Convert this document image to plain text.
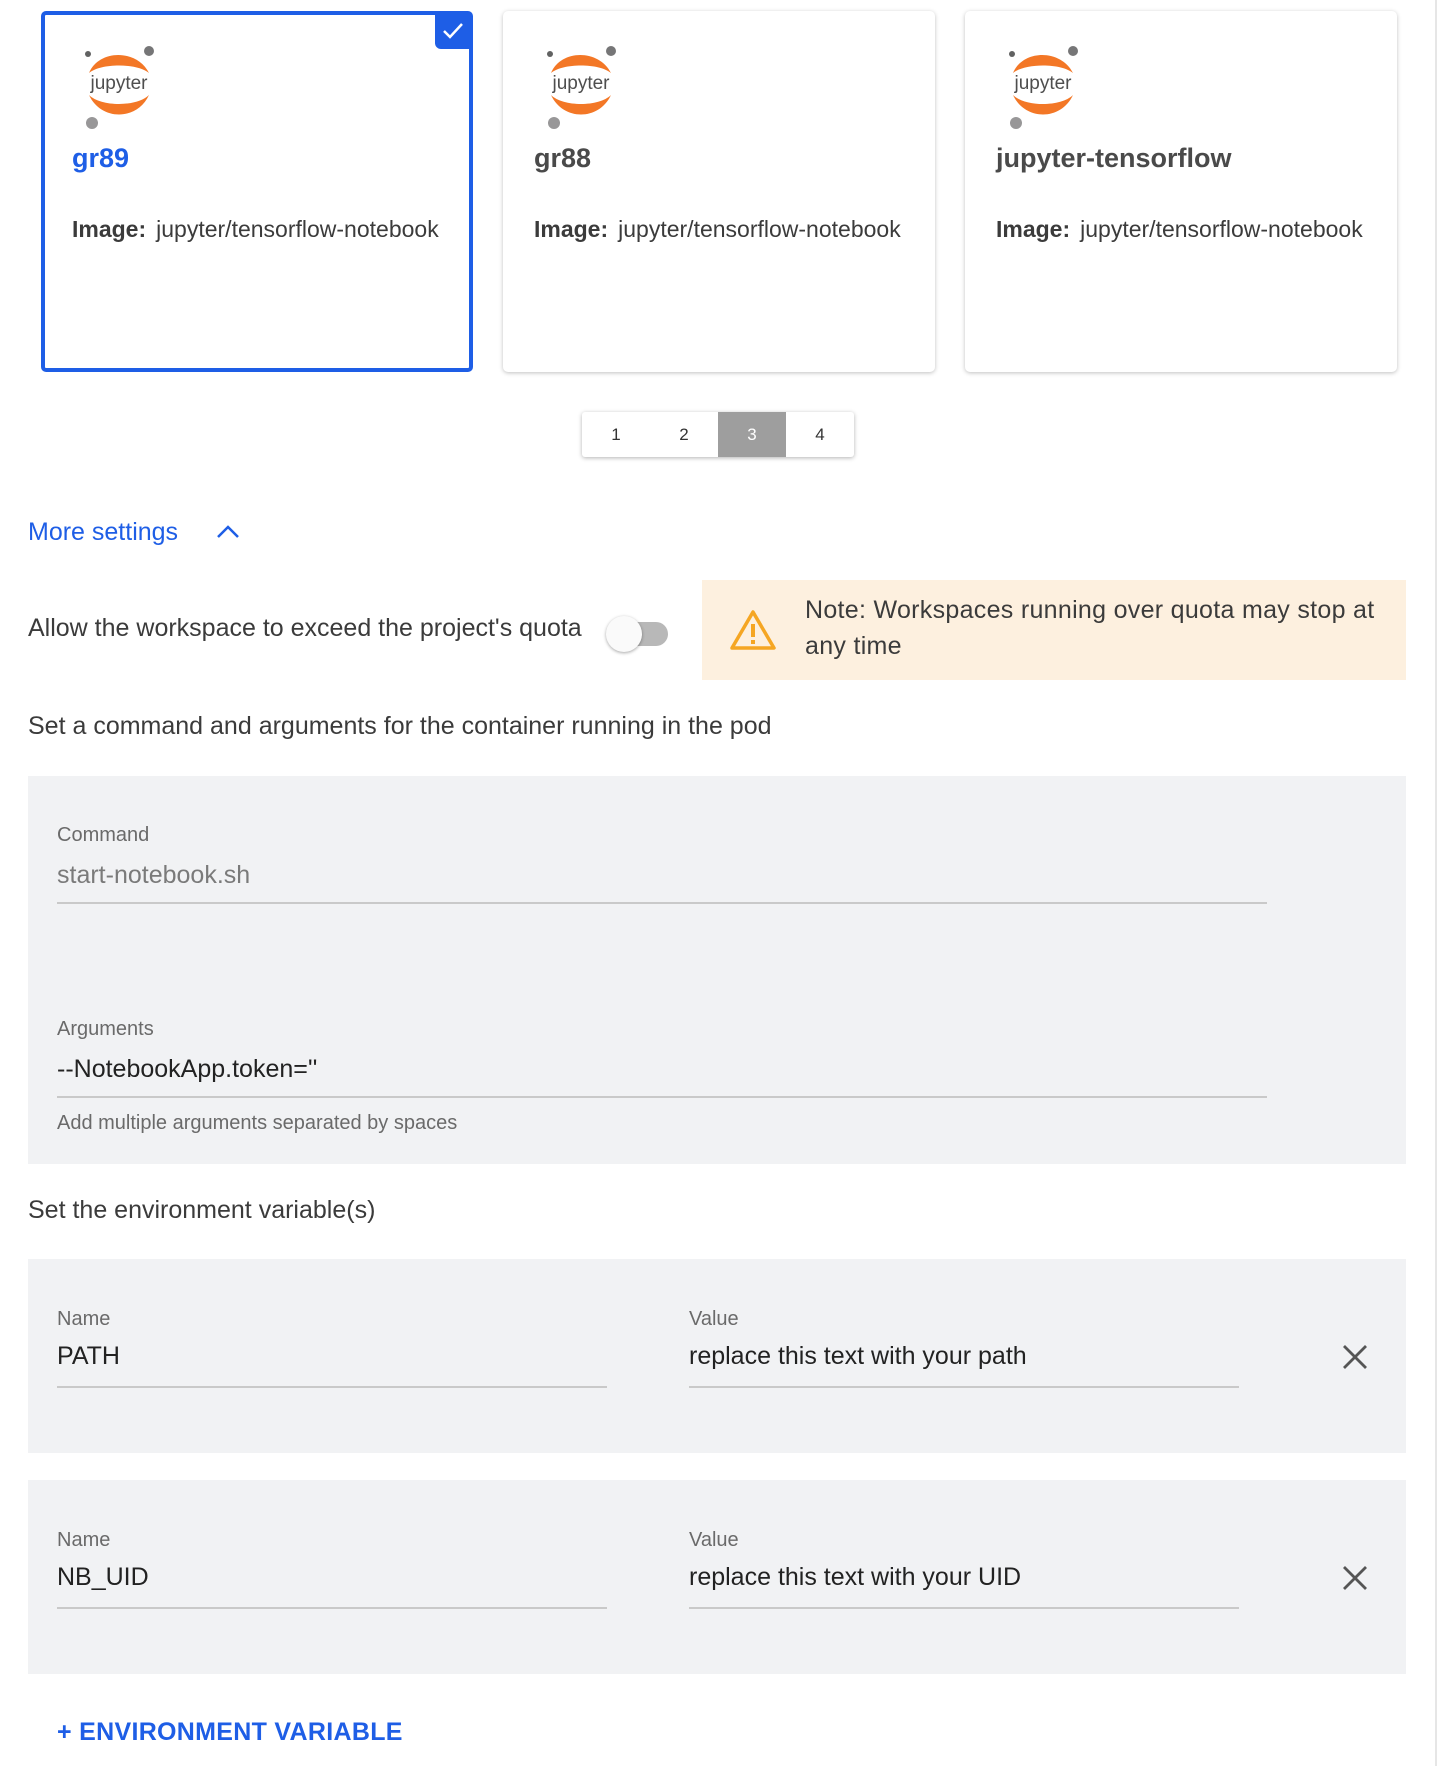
jupyter
gr89
Image: jupyter/tensorflow-notebook
jupyter
gr88
Image: jupyter/tensorflow-notebook
jupyter
jupyter-tensorflow
Image: jupyter/tensorflow-notebook
1	2	3	4
More settings
Allow the workspace to exceed the project's quota
Note: Workspaces running over quota may stop at any time
Set a command and arguments for the container running in the pod
Command
start-notebook.sh
Arguments
--NotebookApp.token=''
Add multiple arguments separated by spaces
Set the environment variable(s)
Name
PATH
Value
replace this text with your path
Name
NB_UID
Value
replace this text with your UID
+ ENVIRONMENT VARIABLE
